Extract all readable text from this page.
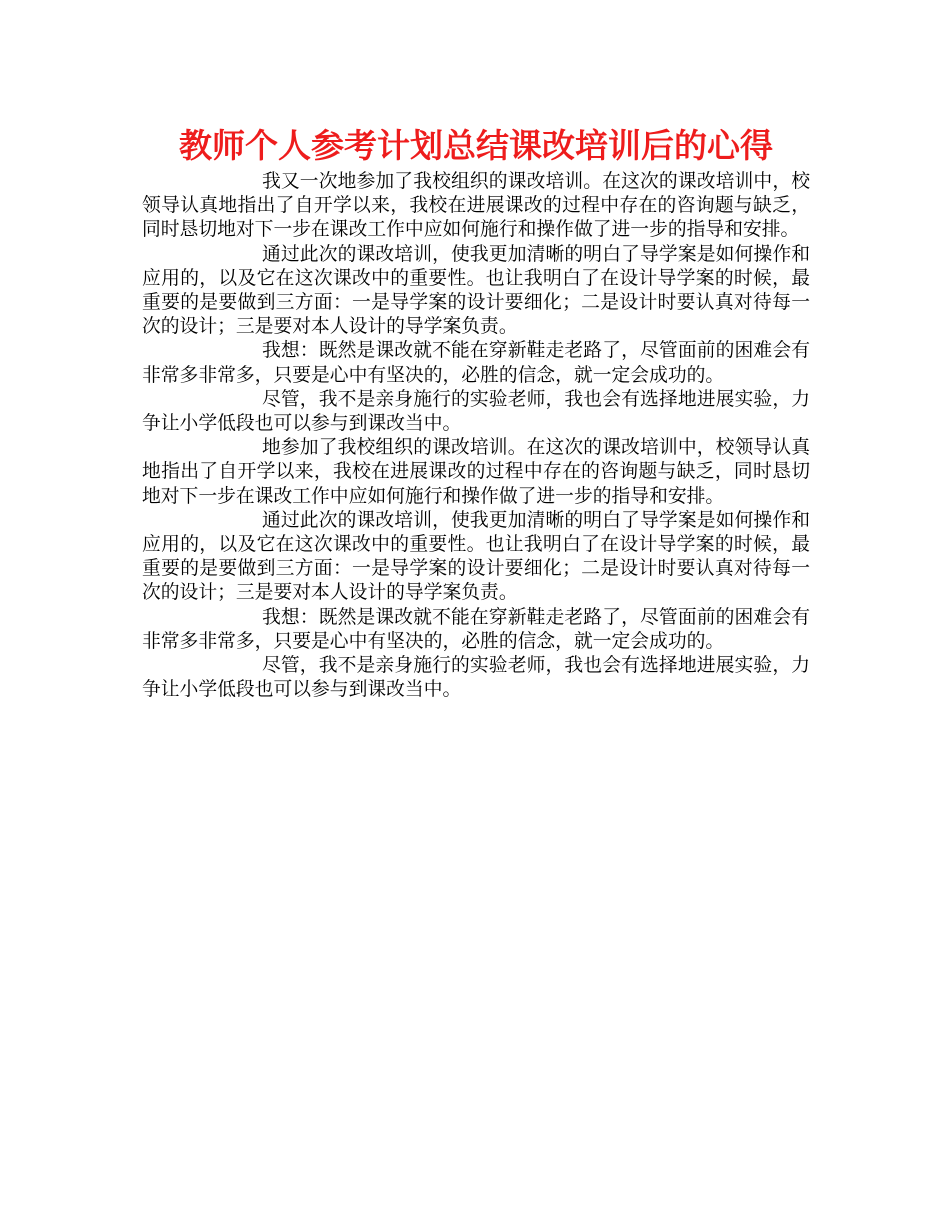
教师个人参考计划总结课改培训后的心得

我又一次地参加了我校组织的课改培训。在这次的课改培训中，校领导认真地指出了自开学以来，我校在进展课改的过程中存在的咨询题与缺乏，同时恳切地对下一步在课改工作中应如何施行和操作做了进一步的指导和安排。

通过此次的课改培训，使我更加清晰的明白了导学案是如何操作和应用的，以及它在这次课改中的重要性。也让我明白了在设计导学案的时候，最重要的是要做到三方面：一是导学案的设计要细化；二是设计时要认真对待每一次的设计；三是要对本人设计的导学案负责。

我想：既然是课改就不能在穿新鞋走老路了，尽管面前的困难会有非常多非常多，只要是心中有坚决的，必胜的信念，就一定会成功的。

尽管，我不是亲身施行的实验老师，我也会有选择地进展实验，力争让小学低段也可以参与到课改当中。

地参加了我校组织的课改培训。在这次的课改培训中，校领导认真地指出了自开学以来，我校在进展课改的过程中存在的咨询题与缺乏，同时恳切地对下一步在课改工作中应如何施行和操作做了进一步的指导和安排。

通过此次的课改培训，使我更加清晰的明白了导学案是如何操作和应用的，以及它在这次课改中的重要性。也让我明白了在设计导学案的时候，最重要的是要做到三方面：一是导学案的设计要细化；二是设计时要认真对待每一次的设计；三是要对本人设计的导学案负责。

我想：既然是课改就不能在穿新鞋走老路了，尽管面前的困难会有非常多非常多，只要是心中有坚决的，必胜的信念，就一定会成功的。

尽管，我不是亲身施行的实验老师，我也会有选择地进展实验，力争让小学低段也可以参与到课改当中。
